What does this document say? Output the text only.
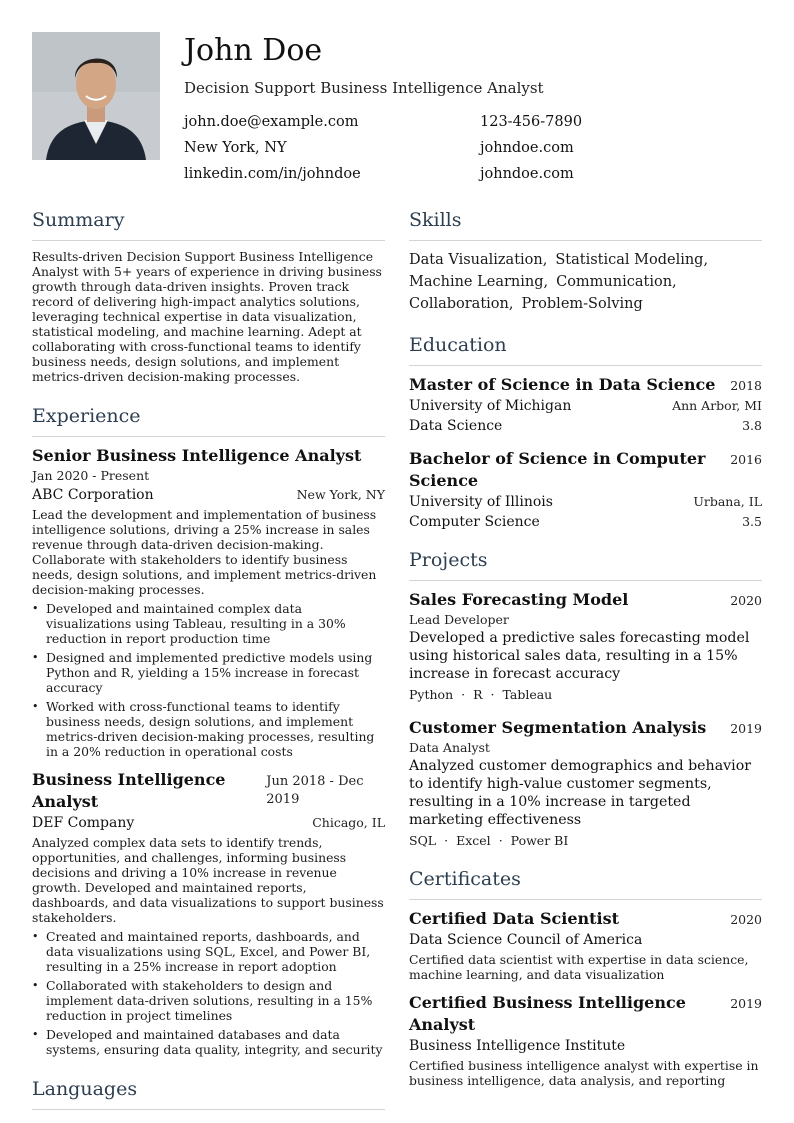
John Doe
Decision Support Business Intelligence Analyst
john.doe@example.com	123-456-7890
New York, NY	johndoe.com
linkedin.com/in/johndoe	johndoe.com
Summary

Results-driven Decision Support Business Intelligence Analyst with 5+ years of experience in driving business growth through data-driven insights. Proven track record of delivering high-impact analytics solutions, leveraging technical expertise in data visualization, statistical modeling, and machine learning. Adept at collaborating with cross-functional teams to identify business needs, design solutions, and implement metrics-driven decision-making processes.

Experience
Senior Business Intelligence Analyst
Jan 2020 - Present
ABC Corporation	New York, NY

Lead the development and implementation of business intelligence solutions, driving a 25% increase in sales revenue through data-driven decision-making. Collaborate with stakeholders to identify business needs, design solutions, and implement metrics-driven decision-making processes.

• Developed and maintained complex data visualizations using Tableau, resulting in a 30% reduction in report production time
• Designed and implemented predictive models using Python and R, yielding a 15% increase in forecast accuracy
• Worked with cross-functional teams to identify business needs, design solutions, and implement metrics-driven decision-making processes, resulting in a 20% reduction in operational costs
Business Intelligence Analyst
Jun 2018 - Dec 2019
DEF Company	Chicago, IL

Analyzed complex data sets to identify trends, opportunities, and challenges, informing business decisions and driving a 10% increase in revenue growth. Developed and maintained reports, dashboards, and data visualizations to support business stakeholders.

• Created and maintained reports, dashboards, and data visualizations using SQL, Excel, and Power BI, resulting in a 25% increase in report adoption
• Collaborated with stakeholders to design and implement data-driven solutions, resulting in a 15% reduction in project timelines
• Developed and maintained databases and data systems, ensuring data quality, integrity, and security
Languages
Skills
Data Visualization, Statistical Modeling,
Machine Learning, Communication,
Collaboration, Problem-Solving
Education
Master of Science in Data Science 2018
University of Michigan	Ann Arbor, MI
Data Science	3.8
Bachelor of Science in Computer Science
2016
University of Illinois	Urbana, IL
Computer Science	3.5
Projects
Sales Forecasting Model	2020
Lead Developer

Developed a predictive sales forecasting model using historical sales data, resulting in a 15% increase in forecast accuracy

Python · R · Tableau
Customer Segmentation Analysis 2019
Data Analyst

Analyzed customer demographics and behavior to identify high-value customer segments, resulting in a 10% increase in targeted marketing effectiveness

SQL · Excel · Power BI
Certificates
Certified Data Scientist	2020
Data Science Council of America

Certified data scientist with expertise in data science, machine learning, and data visualization

Certified Business Intelligence Analyst
2019
Business Intelligence Institute

Certified business intelligence analyst with expertise in business intelligence, data analysis, and reporting
